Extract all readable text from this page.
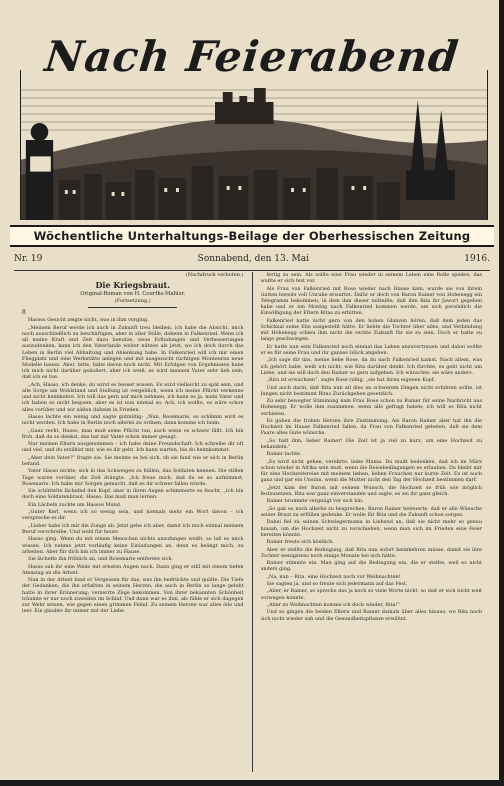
Nach Feierabend
Wöchentliche Unterhaltungs-Beilage der Oberhessischen Zeitung
Nr. 19	Sonnabend, den 13. Mai	1916.
(Nachdruck verboten.)
Die Kriegsbraut.
Original-Roman von H. Courths-Mahler.
(Fortsetzung.)
8

Hassos Gesicht zeigte nicht, was in ihm vorging.

„Meinem Beruf werde ich auch in Zukunft treu bleiben, ich habe die Absicht, mich noch ausschließlich zu beschäftigen, aber in aller Stille, daheim in Falkenried. Wenn ich all meine Kraft und Zeit dazu benutze, neue Erfindungen und Verbesserungen auszudenken, kann ich den Vaterlande weiter nützen als jetzt, wo ich doch durch das Leben in Berlin viel Abhaltung und Ablenkung habe. In Falkenried will ich mir einen Fliegplatz und eine Werkstätte anlegen und mit ausgesucht tüchtigen Monteuren neue Modelle bauen. Aber, bitte, habe davon noch nicht. Mit Erfolgen von Ergebnissen habe ich mich nicht darüber geäußert, aber ich weiß, es wird meinem Vater sehr lieb sein, daß ich es tue.

„Ach, Hasso, ich denke, du wirst es besser wissen. Es wird vielleicht zu spät sein, und alle Sorge um Wohlstand und Stellung ist vergeblich, wenn ich meine Pflicht verkenne und nicht heimkehre. Ich will das gern auf mich nehmen, ich kann es ja, mein Vater und ich haben es nicht bequem, aber es ist nun einmal so. Ach, ich wollte, es wäre schon alles vorüber und wir säßen daheim in Frieden.

Hasso lachte ein wenig und sagte gutmütig: „Nun, Rosemarie, so schlimm wird es nicht werden. Ich habe in Berlin noch allerlei zu ordnen, dann komme ich heim.

„Ganz recht, Hasso, man muß seine Pflicht tun, auch wenn es schwer fällt. Ich bin froh, daß du so denkst, das hat mir Vater schon immer gesagt.

Nur meinen Eltern ausgenommen – ich habe deine Freundschaft. Ich schreibe dir oft und viel, und du erzählst mir, wie es dir geht. Ich kann warten, bis du heimkommst.

„Aber dein Vater?“ fragte sie. Sie meinte es bei sich, ob sie fand wie er sich in Berlin befand.

Vater Hasso nickte, sich in das Schweigen zu hüllen, das Soldaten kennen. Die stillen Tage waren vorüber, die Zeit drängte. „Ich freue mich, daß du es so aufnimmst, Rosemarie. Ich habe mir Sorgen gemacht, daß es dir schwer fallen würde.

Sie schüttelte lächelnd den Kopf, aber in ihren Augen schimmerte es feucht. „Ich bin doch eine Soldatenbraut, Hasso. Das muß man lernen.

Ein Lächeln zuckte um Hassos Mund.

„Guter Kerl, wenn ich so wenig sein, und niemals mehr ein Wort davon – ich verspreche es dir.

„Lieber habe ich mir die Zunge ab. Jetzt gehe ich aber, damit ich mich einmal meinem Beruf verschreibe. Und wohl für heute.

Hasso ging. Wenn du mit einem Menschen nichts anzufangen weißt, so laß es mich wissen. Ich nehme jetzt vorläufig keine Einladungen an, denn es beängt mich, zu arbeiten. Aber für dich bin ich immer zu Hause.

Sie lächelte ihn fröhlich an, und Rosemarie entfernte sich.

Hasso sah ihr eine Weile mit ernsten Augen nach. Dann ging er still mit einem tiefen Atemzug an die Arbeit.

Nun in der Arbeit fand er Vergessen für das, was ihn bedrückte und quälte. Die Tiefe der Gedanken, die ihn erfaßten in seinem Herzen, die auch in Berlin so lange gelebt hatte in ihrer Erinnerung; verzerrte Züge bekommen. Von ihrer bekannten Schönheit träumte er nur noch zuweilen im Schlaf. Und dann war es ihm, als fühle er sich dagegen zur Wehr setzen, wie gegen einen grimmen Feind. Zu seinem Herzen war alles öde und leer. Ein glaubte ihr immer mit der Liebe

fertig zu sein. Als sollte eine Frau wieder in seinem Leben eine Rolle spielen, das wußte er sich fest vor.

Als Frau von Falkenried mit Rose wieder nach Hause kam, wurde sie von ihrem Gatten bereits voll Unruhe erwartet. Dafür er doch von Baron Rainer von Hohenegg ein Telegramm bekommen, in dem ihm dieser mitteilte, daß ihm Rita ihr Jawort gegeben habe und er am Montag nach Falkenried kommen werde, um sich persönlich die Einwilligung der Eltern Ritas zu erbitten.

Falkenried hatte nicht gern von den hohen Glanzen hören, daß dem jeden das Schicksal seine Ehe ausgestellt hätte. Er liebte die Tochter über alles, und Verbindung mit Hohenegg schien ihm nicht die rechte Zukunft für sie zu sein. Doch er hatte zu lange geschwiegen.

Er hatte nun sein Falkenried noch einmal das Leben anzuvertrauen und dabei wollte er es für seine Frau und ihr ganzes Glück angehen.

„Ich sage dir das, meine liebe Rose, da du nach Falkenried kamst. Nach allem, was ich gehört habe, weiß ich nicht, wie Rita darüber denkt. Ich fürchte, es geht nicht um Liebe, und sie will doch den Rainer so gern aufgeben. Ich wünschte, sie wäre anders.

„Rita ist erwachsen“, sagte Rose ruhig, „sie hat ihren eigenen Kopf.

Und auch darin, daß Rita nun all dies an schwerem Dingen nicht erfahren sollte, ist Jungen nicht bestimmt Ritas Zurückgeben gesetzlich.

Zu sehr bewegter Stimmung kam Frau Rose schon zu Rainer für seine Nachricht aus Hohenegg. Er wolle ihm zusammen, wenn alle gefragt haben; ich will es Rita nicht verbieten.

Es gaben die frohen Herzen ihre Zustimmung. Als Baron Rainer aber hat ihn die Hochzeit im Hause Falkenried fallen, da Frau von Falkenried gebeten, daß sie dem Paare alles Gute wünsche.

„So halt ihm, lieber Rainer! Die Zeit ist ja viel zu kurz, um eine Hochzeit zu behandeln.“

Rainer lachte.

„Es wird nicht gehen, verehrte, liebe Mama. Du mußt bedenken, daß ich im März schon wieder in Afrika sein muß, wenn die Reisebedingungen es erlauben. Da bleibt mir für eine Hochzeitsreise mit meinem lieben, lieben Frauchen nur kurze Zeit. Es ist auch ganz und gar ein Unsinn, wenn die Mutter nicht den Tag der Hochzeit bestimmen darf.

„Jetzt kam der Baron mit seinem Wunsch, die Hochzeit so früh wie möglich festzusetzen. Rita war ganz einverstanden und sagte, es sei ihr ganz gleich.

Rainer brummte vergnügt vor sich hin.

„So gab es noch allerlei zu besprechen. Baron Rainer beteuerte, daß er alle Wünsche seiner Braut zu erfüllen gedenke. Er wolle für Rita und die Zukunft schon sorgen.

Dabei fiel zu seinen Schwiegermama in Liebend an, daß sie nicht mehr so genau hinsah, um die Hochzeit nicht zu verschieben, wenn man sich im Frieden eine Feier bereiten könnte.

Rainer freute sich köstlich.

Aber er stellte die Bedingung, daß Rita nun sofort heimkehren müsse, damit sie ihre Tochter wenigstens noch einige Monate bei sich hätte.

Rainer stimmte ein. Man ging auf die Bedingung ein, die er stellte, weil es nicht anders ging.

„Na, nun – Rita, eine Hochzeit noch vor Weihnachten!

Sie sagten ja, und so freute sich jedermann auf das Fest.

„Aber, er Rainer, so spreche das ja noch so viele Worte nicht, so daß er sich nicht weit vorwagen konnte.

„Aber zu Weihnachten komme ich doch wieder, Rita!“

Und so gingen die beiden Eltern und Rainer damals über alles hinaus, wo Rita noch sich nicht wieder sah und die Gesundheitspflanze erwähnt.
